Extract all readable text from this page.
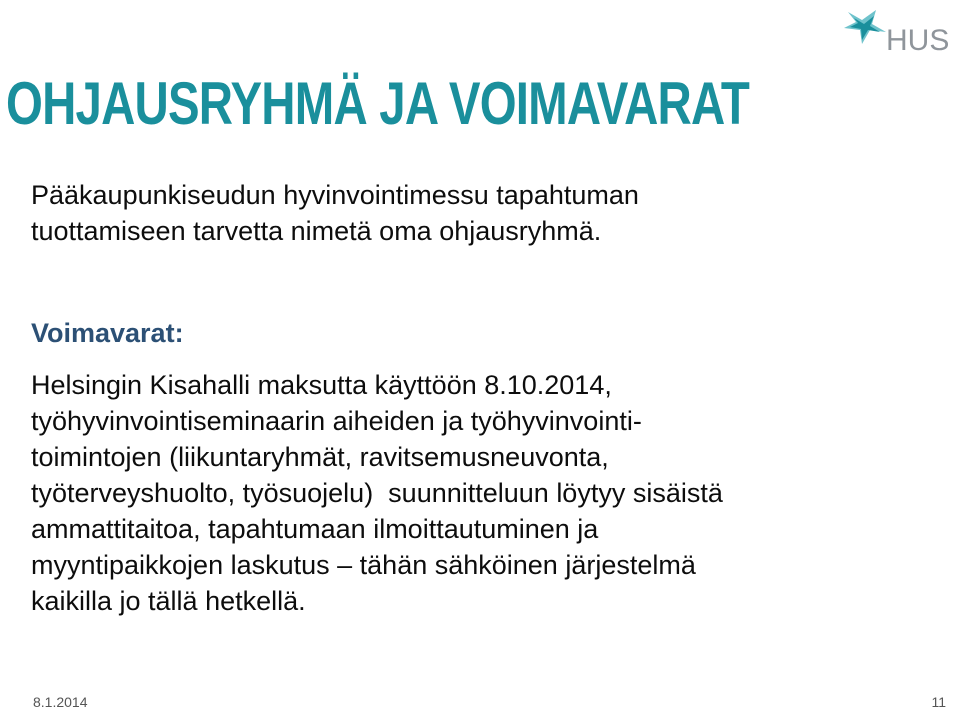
HUS
OHJAUSRYHMÄ JA VOIMAVARAT
Pääkaupunkiseudun hyvinvointimessu tapahtuman
tuottamiseen tarvetta nimetä oma ohjausryhmä.
Voimavarat:
Helsingin Kisahalli maksutta käyttöön 8.10.2014,
työhyvinvointiseminaarin aiheiden ja työhyvinvointi-
toimintojen (liikuntaryhmät, ravitsemusneuvonta,
työterveyshuolto, työsuojelu)  suunnitteluun löytyy sisäistä
ammattitaitoa, tapahtumaan ilmoittautuminen ja
myyntipaikkojen laskutus – tähän sähköinen järjestelmä
kaikilla jo tällä hetkellä.
8.1.2014	11
